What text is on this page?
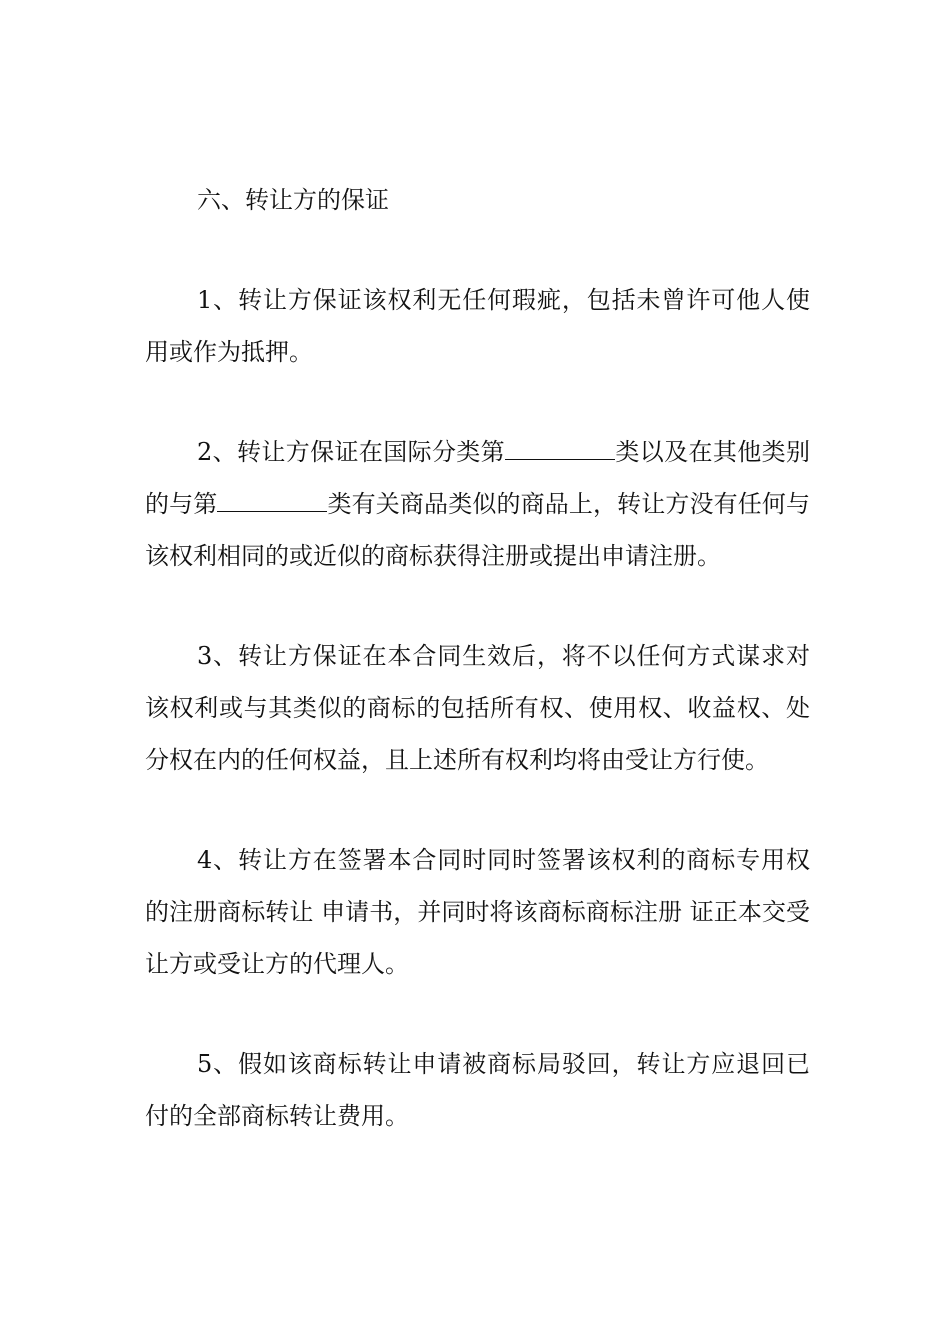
六、转让方的保证

1、转让方保证该权利无任何瑕疵，包括未曾许可他人使用或作为抵押。

2、转让方保证在国际分类第	类以及在其他类别的与第	类有关商品类似的商品上，转让方没有任何与该权利相同的或近似的商标获得注册或提出申请注册。

3、转让方保证在本合同生效后，将不以任何方式谋求对该权利或与其类似的商标的包括所有权、使用权、收益权、处分权在内的任何权益，且上述所有权利均将由受让方行使。

4、转让方在签署本合同时同时签署该权利的商标专用权的注册商标转让 申请书，并同时将该商标商标注册 证正本交受让方或受让方的代理人。

5、假如该商标转让申请被商标局驳回，转让方应退回已付的全部商标转让费用。
